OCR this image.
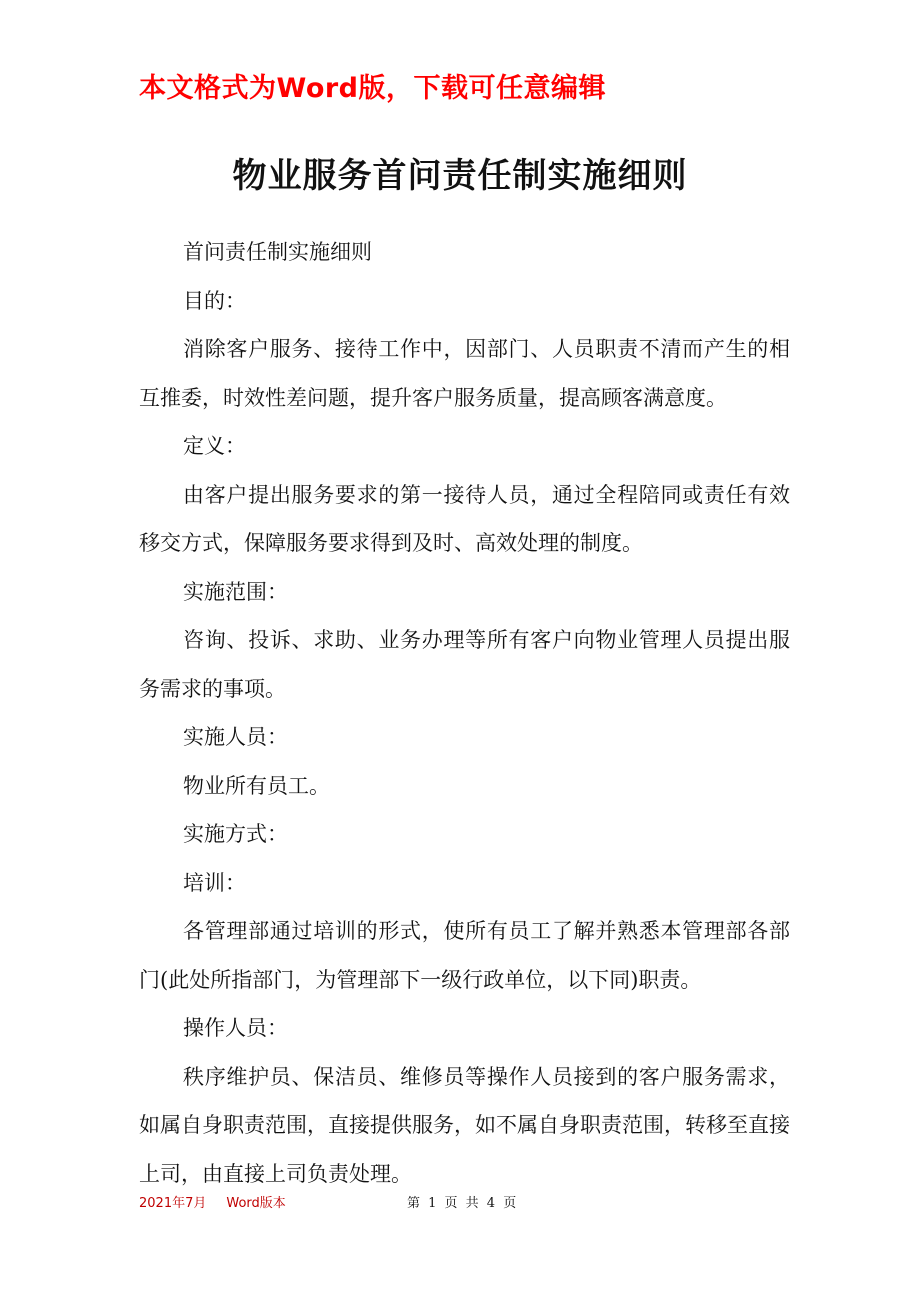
本文格式为Word版，下载可任意编辑
物业服务首问责任制实施细则

首问责任制实施细则

目的：

消除客户服务、接待工作中，因部门、人员职责不清而产生的相互推委，时效性差问题，提升客户服务质量，提高顾客满意度。

定义：

由客户提出服务要求的第一接待人员，通过全程陪同或责任有效移交方式，保障服务要求得到及时、高效处理的制度。

实施范围：

咨询、投诉、求助、业务办理等所有客户向物业管理人员提出服务需求的事项。

实施人员：

物业所有员工。

实施方式：

培训：

各管理部通过培训的形式，使所有员工了解并熟悉本管理部各部门(此处所指部门，为管理部下一级行政单位，以下同)职责。

操作人员：

秩序维护员、保洁员、维修员等操作人员接到的客户服务需求，如属自身职责范围，直接提供服务，如不属自身职责范围，转移至直接上司，由直接上司负责处理。

2021年7月 Word版本	第 1 页 共 4 页
